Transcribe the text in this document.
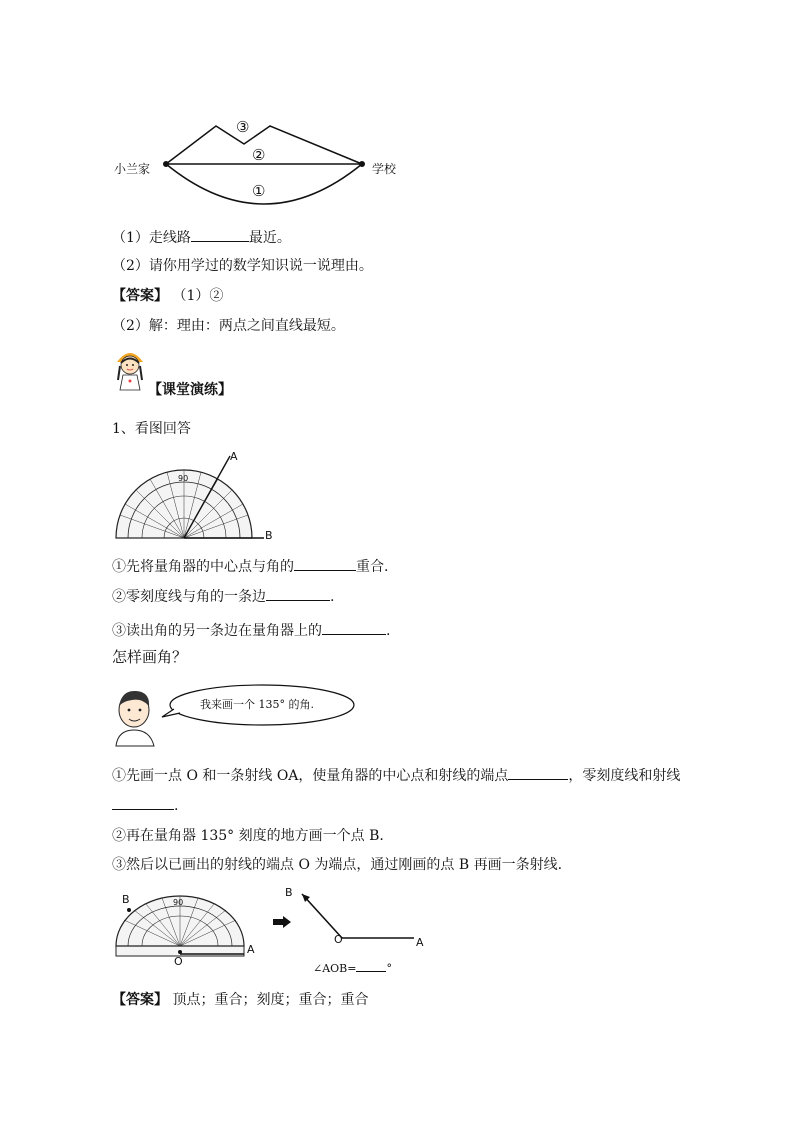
小兰家	学校
③
②
①
（1）走线路	最近。
（2）请你用学过的数学知识说一说理由。
【答案】 （1）②
（2）解：理由：两点之间直线最短。
【课堂演练】
1、看图回答
A
B
90
①先将量角器的中心点与角的	重合.
②零刻度线与角的一条边	.
③读出角的另一条边在量角器上的	.
怎样画角？
我来画一个 135° 的角.
①先画一点 O 和一条射线 OA，使量角器的中心点和射线的端点	，零刻度线和射线
.
②再在量角器 135° 刻度的地方画一个点 B.
③然后以已画出的射线的端点 O 为端点，通过刚画的点 B 再画一条射线.
B
O
A
90
B
O	A
∠AOB=	°
【答案】 顶点；重合；刻度；重合；重合
